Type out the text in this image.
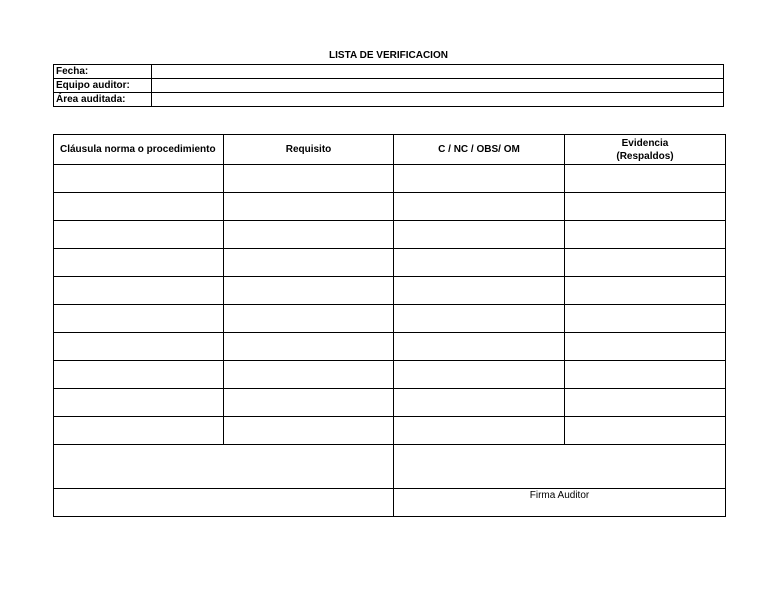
LISTA DE VERIFICACION
Fecha:	
Equipo auditor:	
Área auditada:	
Cláusula norma o procedimiento	Requisito	C / NC / OBS/ OM	Evidencia
(Respaldos)

		Firma Auditor	
